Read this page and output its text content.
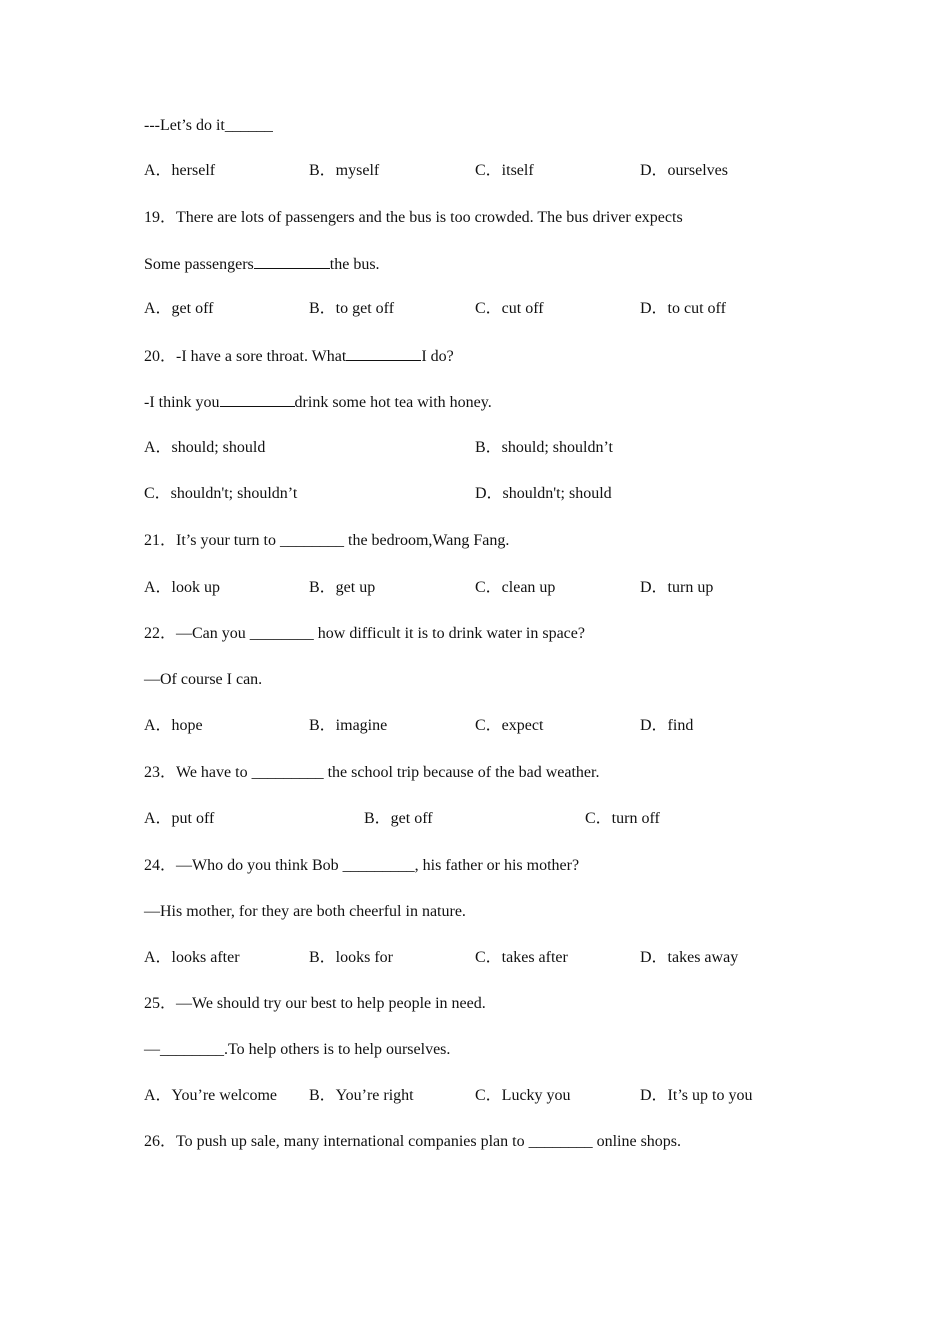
---Let’s do it______
A．herself	B．myself	C．itself	D．ourselves
19．There are lots of passengers and the bus is too crowded. The bus driver expects
Some passengers	the bus.
A．get off	B．to get off	C．cut off	D．to cut off
20．-I have a sore throat. What	I do?
-I think you	drink some hot tea with honey.
A．should; should	B．should; shouldn’t
C．shouldn't; shouldn’t	D．shouldn't; should
21．It’s your turn to ________ the bedroom,Wang Fang.
A．look up	B．get up	C．clean up	D．turn up
22．—Can you ________ how difficult it is to drink water in space?
—Of course I can.
A．hope	B．imagine	C．expect	D．find
23．We have to _________ the school trip because of the bad weather.
A．put off	B．get off	C．turn off
24．—Who do you think Bob _________, his father or his mother?
—His mother, for they are both cheerful in nature.
A．looks after	B．looks for	C．takes after	D．takes away
25．—We should try our best to help people in need.
—________.To help others is to help ourselves.
A．You’re welcome B．You’re right	C．Lucky you	D．It’s up to you
26．To push up sale, many international companies plan to ________ online shops.
